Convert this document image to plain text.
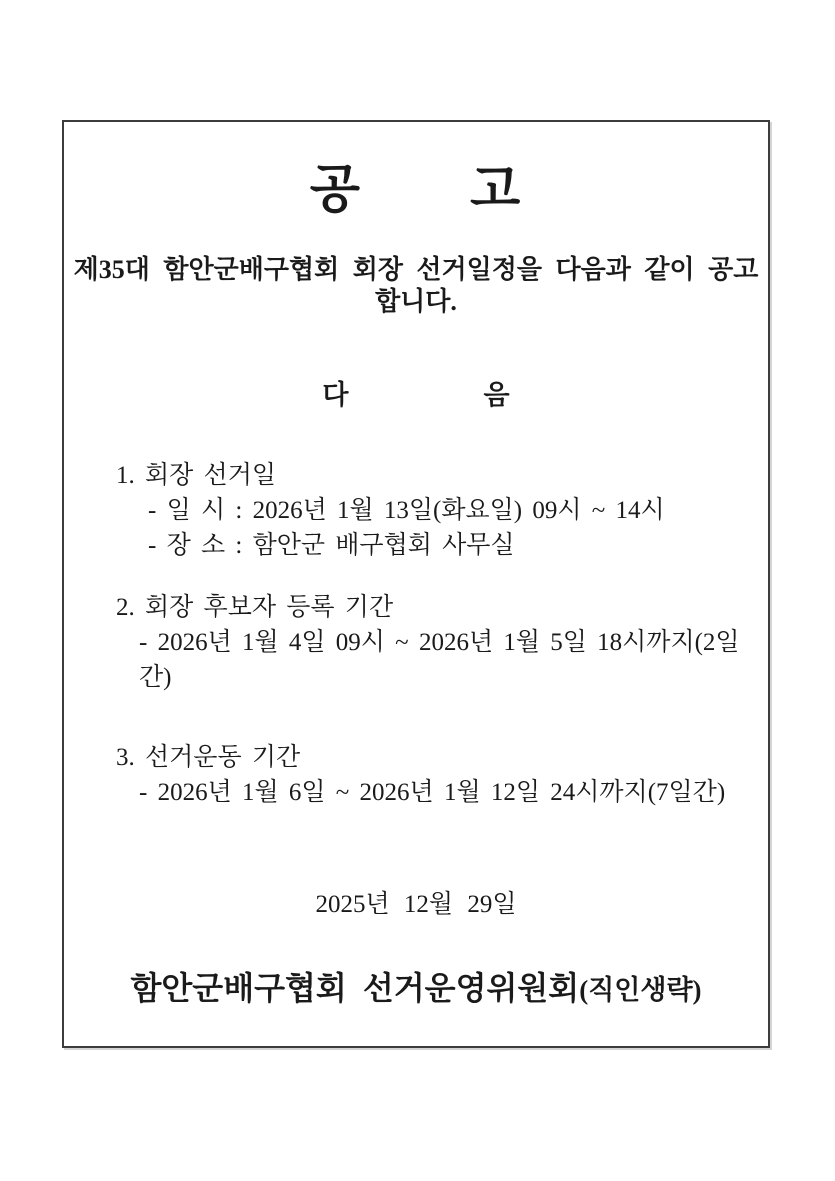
공　　고

제35대 함안군배구협회 회장 선거일정을 다음과 같이 공고합니다.

다　　　　　음

1. 회장 선거일

- 일 시 : 2026년 1월 13일(화요일) 09시 ~ 14시

- 장 소 : 함안군 배구협회 사무실

2. 회장 후보자 등록 기간

- 2026년 1월 4일 09시 ~ 2026년 1월 5일 18시까지(2일간)

3. 선거운동 기간

- 2026년 1월 6일 ~ 2026년 1월 12일 24시까지(7일간)

2025년 12월 29일

함안군배구협회 선거운영위원회(직인생략)
